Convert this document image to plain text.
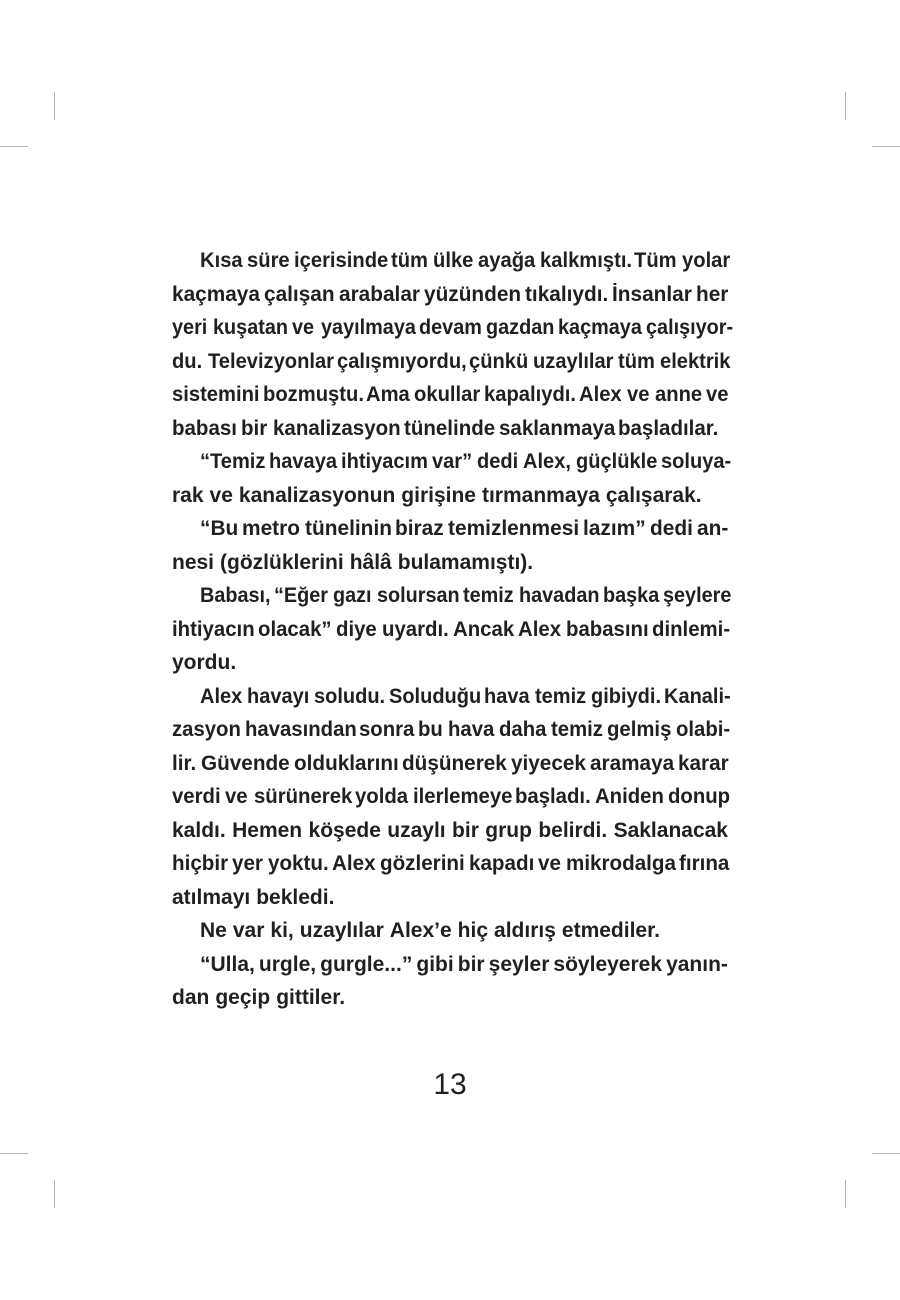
Kısa süre içerisinde tüm ülke ayağa kalkmıştı. Tüm yolar
kaçmaya çalışan arabalar yüzünden tıkalıydı. İnsanlar her
yeri kuşatan ve yayılmaya devam gazdan kaçmaya çalışıyor-
du. Televizyonlar çalışmıyordu, çünkü uzaylılar tüm elektrik
sistemini bozmuştu. Ama okullar kapalıydı. Alex ve anne ve
babası bir kanalizasyon tünelinde saklanmaya başladılar.
“Temiz havaya ihtiyacım var” dedi Alex, güçlükle soluya-
rak ve kanalizasyonun girişine tırmanmaya çalışarak.
“Bu metro tünelinin biraz temizlenmesi lazım” dedi an-
nesi (gözlüklerini hâlâ bulamamıştı).
Babası, “Eğer gazı solursan temiz havadan başka şeylere
ihtiyacın olacak” diye uyardı. Ancak Alex babasını dinlemi-
yordu.
Alex havayı soludu. Soluduğu hava temiz gibiydi. Kanali-
zasyon havasından sonra bu hava daha temiz gelmiş olabi-
lir. Güvende olduklarını düşünerek yiyecek aramaya karar
verdi ve sürünerek yolda ilerlemeye başladı. Aniden donup
kaldı. Hemen köşede uzaylı bir grup belirdi. Saklanacak
hiçbir yer yoktu. Alex gözlerini kapadı ve mikrodalga fırına
atılmayı bekledi.
Ne var ki, uzaylılar Alex’e hiç aldırış etmediler.
“Ulla, urgle, gurgle...” gibi bir şeyler söyleyerek yanın-
dan geçip gittiler.
13
